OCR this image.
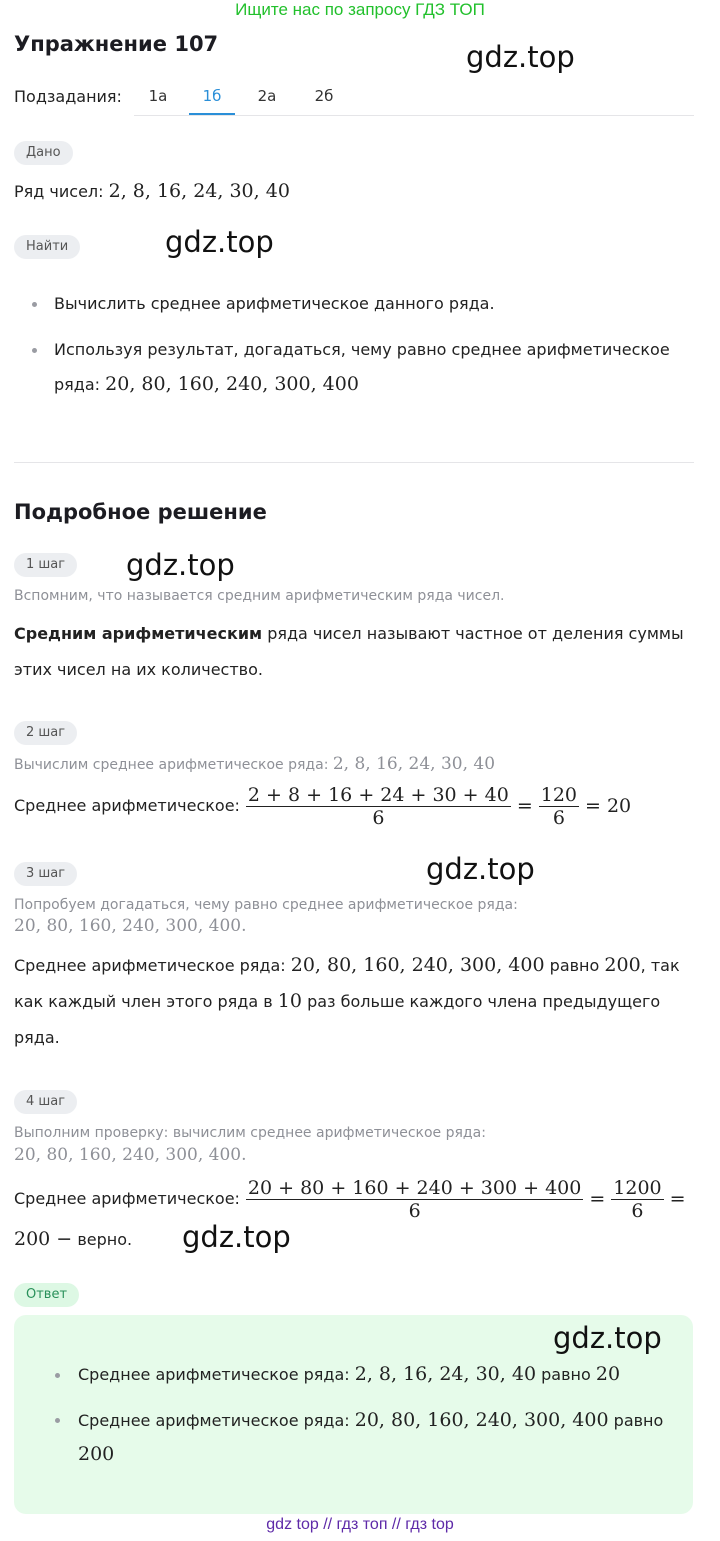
Ищите нас по запросу ГДЗ ТОП
Упражнение 107	gdz.top
Подзадания:	1а	1б	2а	2б
Дано
Ряд чисел: 2, 8, 16, 24, 30, 40
Найти	gdz.top
Вычислить среднее арифметическое данного ряда.
Используя результат, догадаться, чему равно среднее арифметическое
ряда: 20, 80, 160, 240, 300, 400
Подробное решение
1 шаг	gdz.top
Вспомним, что называется средним арифметическим ряда чисел.
Средним арифметическим ряда чисел называют частное от деления суммы
этих чисел на их количество.
2 шаг
Вычислим среднее арифметическое ряда: 2, 8, 16, 24, 30, 40
Среднее арифметическое: $\frac{2 + 8 + 16 + 24 + 30 + 40}{6} = \frac{120}{6} = 20$
3 шаг	gdz.top
Попробуем догадаться, чему равно среднее арифметическое ряда:
20, 80, 160, 240, 300, 400.
Среднее арифметическое ряда: 20, 80, 160, 240, 300, 400 равно 200, так
как каждый член этого ряда в 10 раз больше каждого члена предыдущего
ряда.
4 шаг
Выполним проверку: вычислим среднее арифметическое ряда:
20, 80, 160, 240, 300, 400.
Среднее арифметическое: $\frac{20 + 80 + 160 + 240 + 300 + 400}{6} = \frac{1200}{6}$ =
200 − верно. gdz.top
Ответ
gdz.top
Среднее арифметическое ряда: 2, 8, 16, 24, 30, 40 равно 20
Среднее арифметическое ряда: 20, 80, 160, 240, 300, 400 равно
200
gdz top // гдз топ // гдз top
